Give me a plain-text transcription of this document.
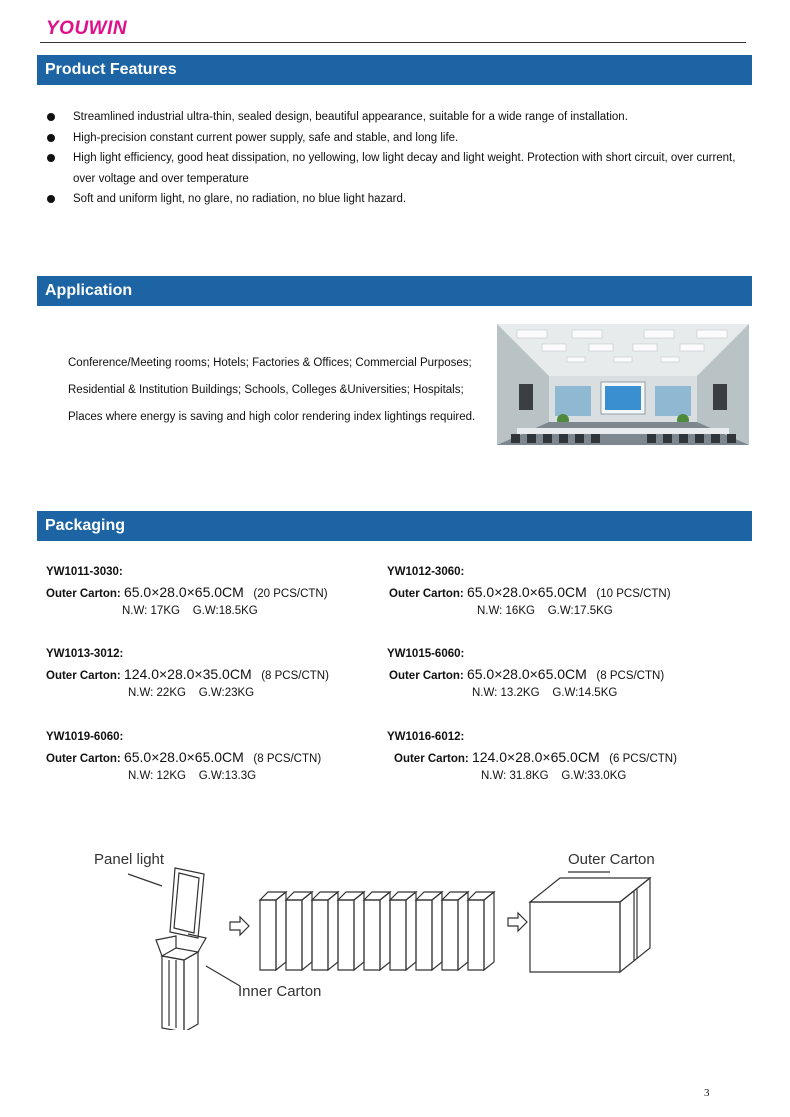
YOUWIN
Product Features
Streamlined industrial ultra-thin, sealed design, beautiful appearance, suitable for a wide range of installation.
High-precision constant current power supply, safe and stable, and long life.
High light efficiency, good heat dissipation, no yellowing, low light decay and light weight. Protection with short circuit, over current, over voltage and over temperature
Soft and uniform light, no glare, no radiation, no blue light hazard.
Application
Conference/Meeting rooms; Hotels; Factories & Offices; Commercial Purposes;
Residential & Institution Buildings; Schools, Colleges &Universities; Hospitals;
Places where energy is saving and high color rendering index lightings required.
Packaging
YW1011-3030:
Outer Carton: 65.0×28.0×65.0CM (20 PCS/CTN)
N.W: 17KG G.W:18.5KG
YW1012-3060:
Outer Carton: 65.0×28.0×65.0CM (10 PCS/CTN)
N.W: 16KG G.W:17.5KG
YW1013-3012:
Outer Carton: 124.0×28.0×35.0CM (8 PCS/CTN)
N.W: 22KG G.W:23KG
YW1015-6060:
Outer Carton: 65.0×28.0×65.0CM (8 PCS/CTN)
N.W: 13.2KG G.W:14.5KG
YW1019-6060:
Outer Carton: 65.0×28.0×65.0CM (8 PCS/CTN)
N.W: 12KG G.W:13.3G
YW1016-6012:
Outer Carton: 124.0×28.0×65.0CM (6 PCS/CTN)
N.W: 31.8KG G.W:33.0KG
Panel light
Inner Carton
Outer Carton
3
